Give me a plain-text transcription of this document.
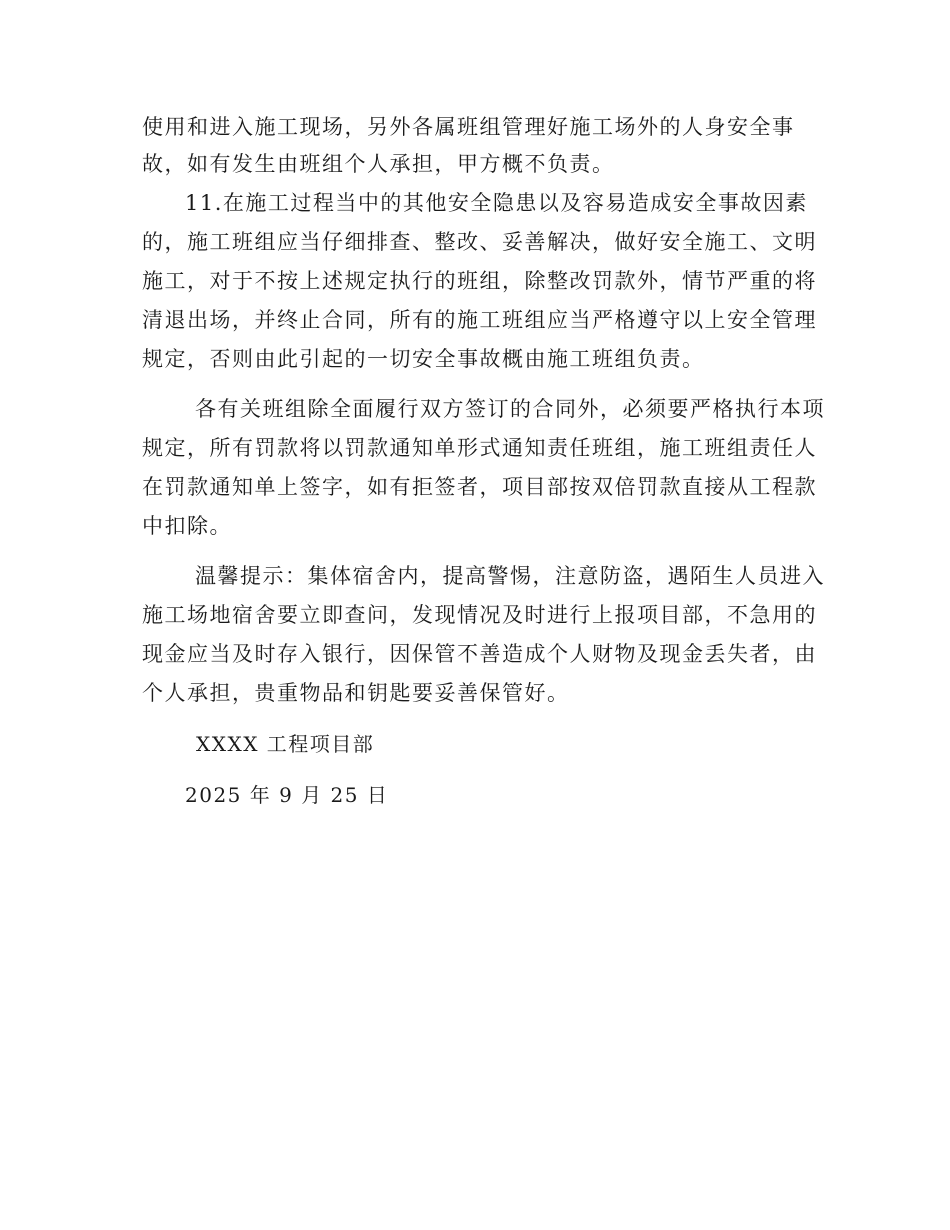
使用和进入施工现场，另外各属班组管理好施工场外的人身安全事
故，如有发生由班组个人承担，甲方概不负责。
11.在施工过程当中的其他安全隐患以及容易造成安全事故因素
的，施工班组应当仔细排查、整改、妥善解决，做好安全施工、文明
施工，对于不按上述规定执行的班组，除整改罚款外，情节严重的将
清退出场，并终止合同，所有的施工班组应当严格遵守以上安全管理
规定，否则由此引起的一切安全事故概由施工班组负责。
各有关班组除全面履行双方签订的合同外，必须要严格执行本项
规定，所有罚款将以罚款通知单形式通知责任班组，施工班组责任人
在罚款通知单上签字，如有拒签者，项目部按双倍罚款直接从工程款
中扣除。
温馨提示：集体宿舍内，提高警惕，注意防盗，遇陌生人员进入
施工场地宿舍要立即查问，发现情况及时进行上报项目部，不急用的
现金应当及时存入银行，因保管不善造成个人财物及现金丢失者，由
个人承担，贵重物品和钥匙要妥善保管好。
XXXX 工程项目部
2025 年 9 月 25 日
